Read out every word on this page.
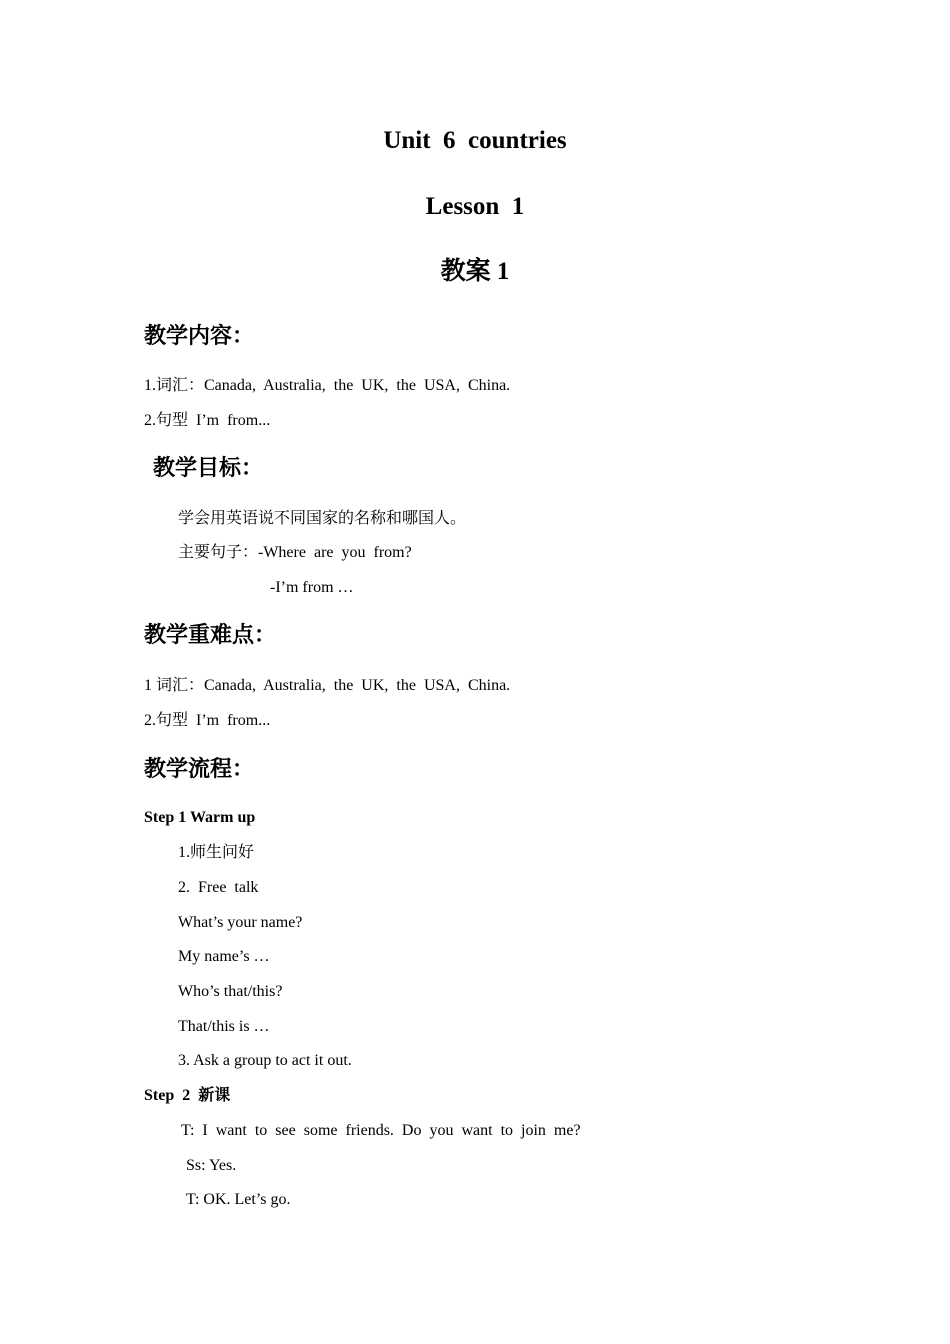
Unit  6  countries
Lesson  1
教案 1
教学内容：
1.词汇：Canada,  Australia,  the  UK,  the  USA,  China.
2.句型  I’m  from...
教学目标：
学会用英语说不同国家的名称和哪国人。
主要句子：-Where  are  you  from?
-I’m from …
教学重难点：
1 词汇：Canada,  Australia,  the  UK,  the  USA,  China.
2.句型  I’m  from...
教学流程：
Step 1 Warm up
1.师生问好
2.  Free  talk
What’s your name?
My name’s …
Who’s that/this?
That/this is …
3. Ask a group to act it out.
Step  2  新课
T:  I  want  to  see  some  friends.  Do  you  want  to  join  me?
Ss: Yes.
T: OK. Let’s go.
